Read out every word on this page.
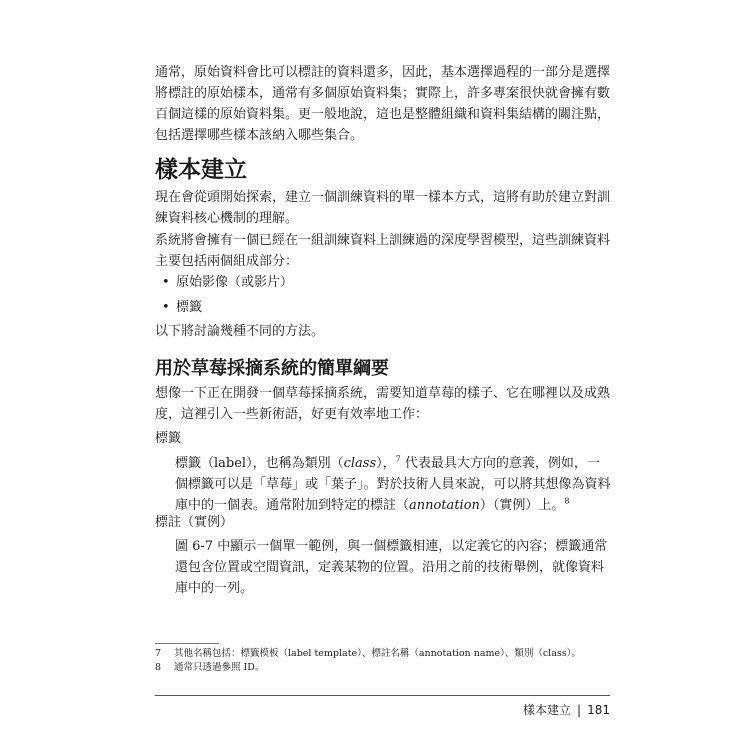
通常，原始資料會比可以標註的資料還多，因此，基本選擇過程的一部分是選擇將標註的原始樣本，通常有多個原始資料集；實際上，許多專案很快就會擁有數百個這樣的原始資料集。更一般地說，這也是整體組織和資料集結構的關注點，包括選擇哪些樣本該納入哪些集合。

樣本建立

現在會從頭開始探索，建立一個訓練資料的單一樣本方式，這將有助於建立對訓練資料核心機制的理解。

系統將會擁有一個已經在一組訓練資料上訓練過的深度學習模型，這些訓練資料主要包括兩個組成部分：

• 原始影像（或影片）
• 標籤

以下將討論幾種不同的方法。

用於草莓採摘系統的簡單綱要

想像一下正在開發一個草莓採摘系統，需要知道草莓的樣子、它在哪裡以及成熟度，這裡引入一些新術語，好更有效率地工作：

標籤

標籤（label），也稱為類別（class），$^7$ 代表最具大方向的意義，例如，一個標籤可以是「草莓」或「葉子」。對於技術人員來說，可以將其想像為資料庫中的一個表。通常附加到特定的標註（annotation）（實例）上。$^8$

標註（實例）

圖 6-7 中顯示一個單一範例，與一個標籤相連，以定義它的內容；標籤通常還包含位置或空間資訊，定義某物的位置。沿用之前的技術舉例，就像資料庫中的一列。

7 其他名稱包括：標籤模板（label template）、標註名稱（annotation name）、類別（class）。
8 通常只透過參照 ID。
樣本建立 | 181
